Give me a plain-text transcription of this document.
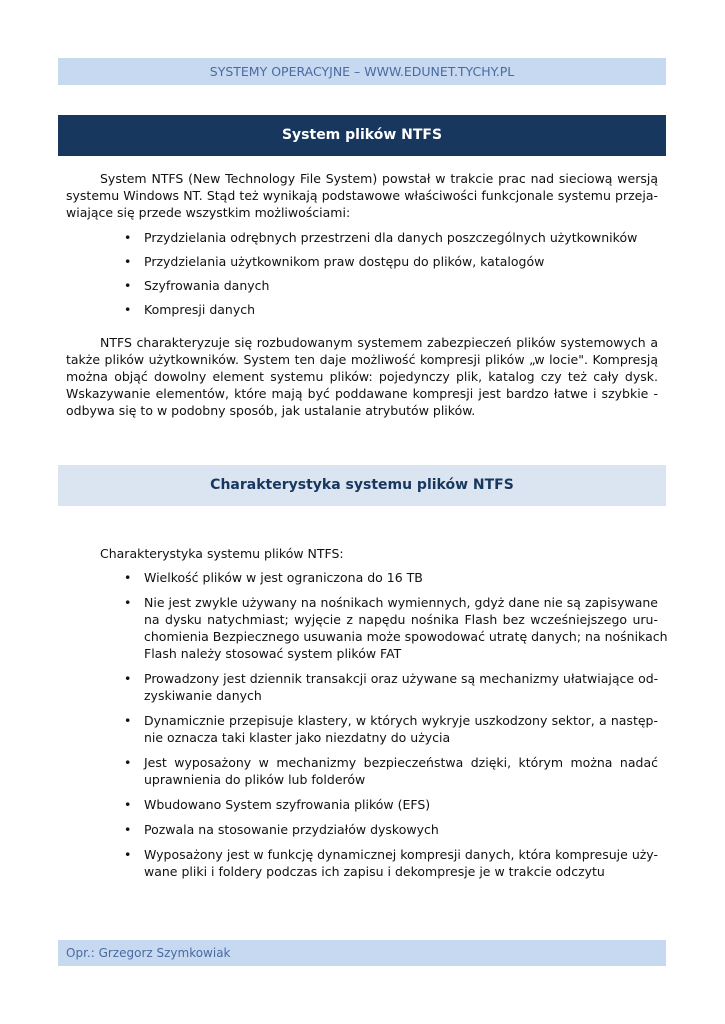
SYSTEMY OPERACYJNE – WWW.EDUNET.TYCHY.PL
System plików NTFS
System NTFS (New Technology File System) powstał w trakcie prac nad sieciową wersją
systemu Windows NT. Stąd też wynikają podstawowe właściwości funkcjonale systemu przeja-
wiające się przede wszystkim możliwościami:
• Przydzielania odrębnych przestrzeni dla danych poszczególnych użytkowników
• Przydzielania użytkownikom praw dostępu do plików, katalogów
• Szyfrowania danych
• Kompresji danych
NTFS charakteryzuje się rozbudowanym systemem zabezpieczeń plików systemowych a
także plików użytkowników. System ten daje możliwość kompresji plików „w locie". Kompresją
można objąć dowolny element systemu plików: pojedynczy plik, katalog czy też cały dysk.
Wskazywanie elementów, które mają być poddawane kompresji jest bardzo łatwe i szybkie -
odbywa się to w podobny sposób, jak ustalanie atrybutów plików.
Charakterystyka systemu plików NTFS
Charakterystyka systemu plików NTFS:
• Wielkość plików w jest ograniczona do 16 TB
• Nie jest zwykle używany na nośnikach wymiennych, gdyż dane nie są zapisywane
na dysku natychmiast; wyjęcie z napędu nośnika Flash bez wcześniejszego uru-
chomienia Bezpiecznego usuwania może spowodować utratę danych; na nośnikach
Flash należy stosować system plików FAT
• Prowadzony jest dziennik transakcji oraz używane są mechanizmy ułatwiające od-
zyskiwanie danych
• Dynamicznie przepisuje klastery, w których wykryje uszkodzony sektor, a następ-
nie oznacza taki klaster jako niezdatny do użycia
• Jest wyposażony w mechanizmy bezpieczeństwa dzięki, którym można nadać
uprawnienia do plików lub folderów
• Wbudowano System szyfrowania plików (EFS)
• Pozwala na stosowanie przydziałów dyskowych
• Wyposażony jest w funkcję dynamicznej kompresji danych, która kompresuje uży-
wane pliki i foldery podczas ich zapisu i dekompresje je w trakcie odczytu
Opr.: Grzegorz Szymkowiak
